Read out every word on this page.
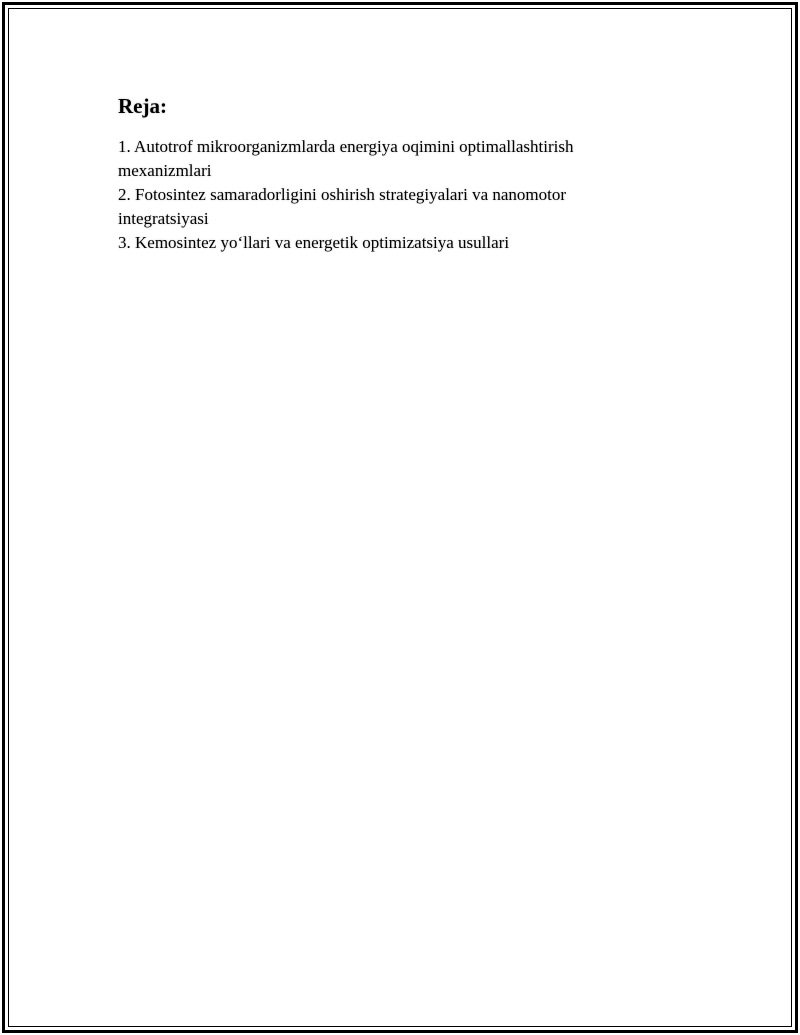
Reja:
1. Autotrof mikroorganizmlarda energiya oqimini optimallashtirish mexanizmlari
2. Fotosintez samaradorligini oshirish strategiyalari va nanomotor integratsiyasi
3. Kemosintez yo‘llari va energetik optimizatsiya usullari
